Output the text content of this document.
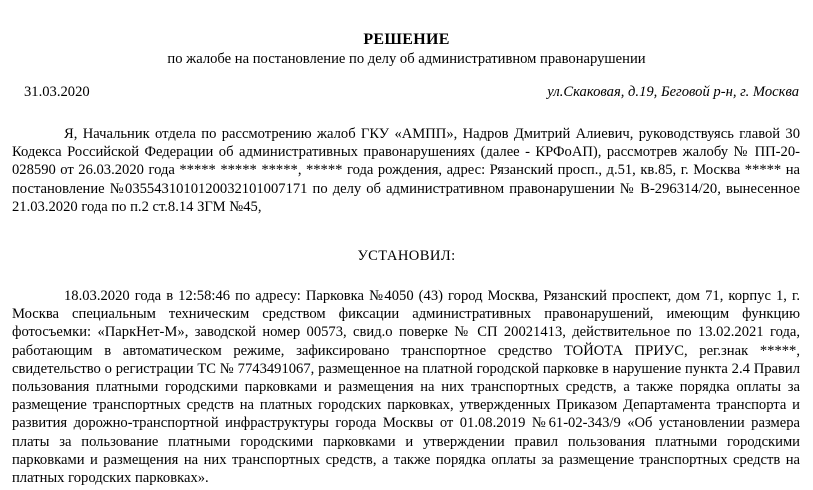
РЕШЕНИЕ
по жалобе на постановление по делу об административном правонарушении
31.03.2020	ул.Скаковая, д.19, Беговой р-н, г. Москва

Я, Начальник отдела по рассмотрению жалоб ГКУ «АМПП», Надров Дмитрий Алиевич, руководствуясь главой 30 Кодекса Российской Федерации об административных правонарушениях (далее - КРФоАП), рассмотрев жалобу № ПП-20-028590 от 26.03.2020 года ***** ***** *****, ***** года рождения, адрес: Рязанский просп., д.51, кв.85, г. Москва ***** на постановление №0355431010120032101007171 по делу об административном правонарушении № В-296314/20, вынесенное 21.03.2020 года по п.2 ст.8.14 ЗГМ №45,

УСТАНОВИЛ:

18.03.2020 года в 12:58:46 по адресу: Парковка №4050 (43) город Москва, Рязанский проспект, дом 71, корпус 1, г. Москва специальным техническим средством фиксации административных правонарушений, имеющим функцию фотосъемки: «ПаркНет-М», заводской номер 00573, свид.о поверке № СП 20021413, действительное по 13.02.2021 года, работающим в автоматическом режиме, зафиксировано транспортное средство ТОЙОТА ПРИУС, рег.знак *****, свидетельство о регистрации ТС № 7743491067, размещенное на платной городской парковке в нарушение пункта 2.4 Правил пользования платными городскими парковками и размещения на них транспортных средств, а также порядка оплаты за размещение транспортных средств на платных городских парковках, утвержденных Приказом Департамента транспорта и развития дорожно-транспортной инфраструктуры города Москвы от 01.08.2019 №61-02-343/9 «Об установлении размера платы за пользование платными городскими парковками и утверждении правил пользования платными городскими парковками и размещения на них транспортных средств, а также порядка оплаты за размещение транспортных средств на платных городских парковках».
